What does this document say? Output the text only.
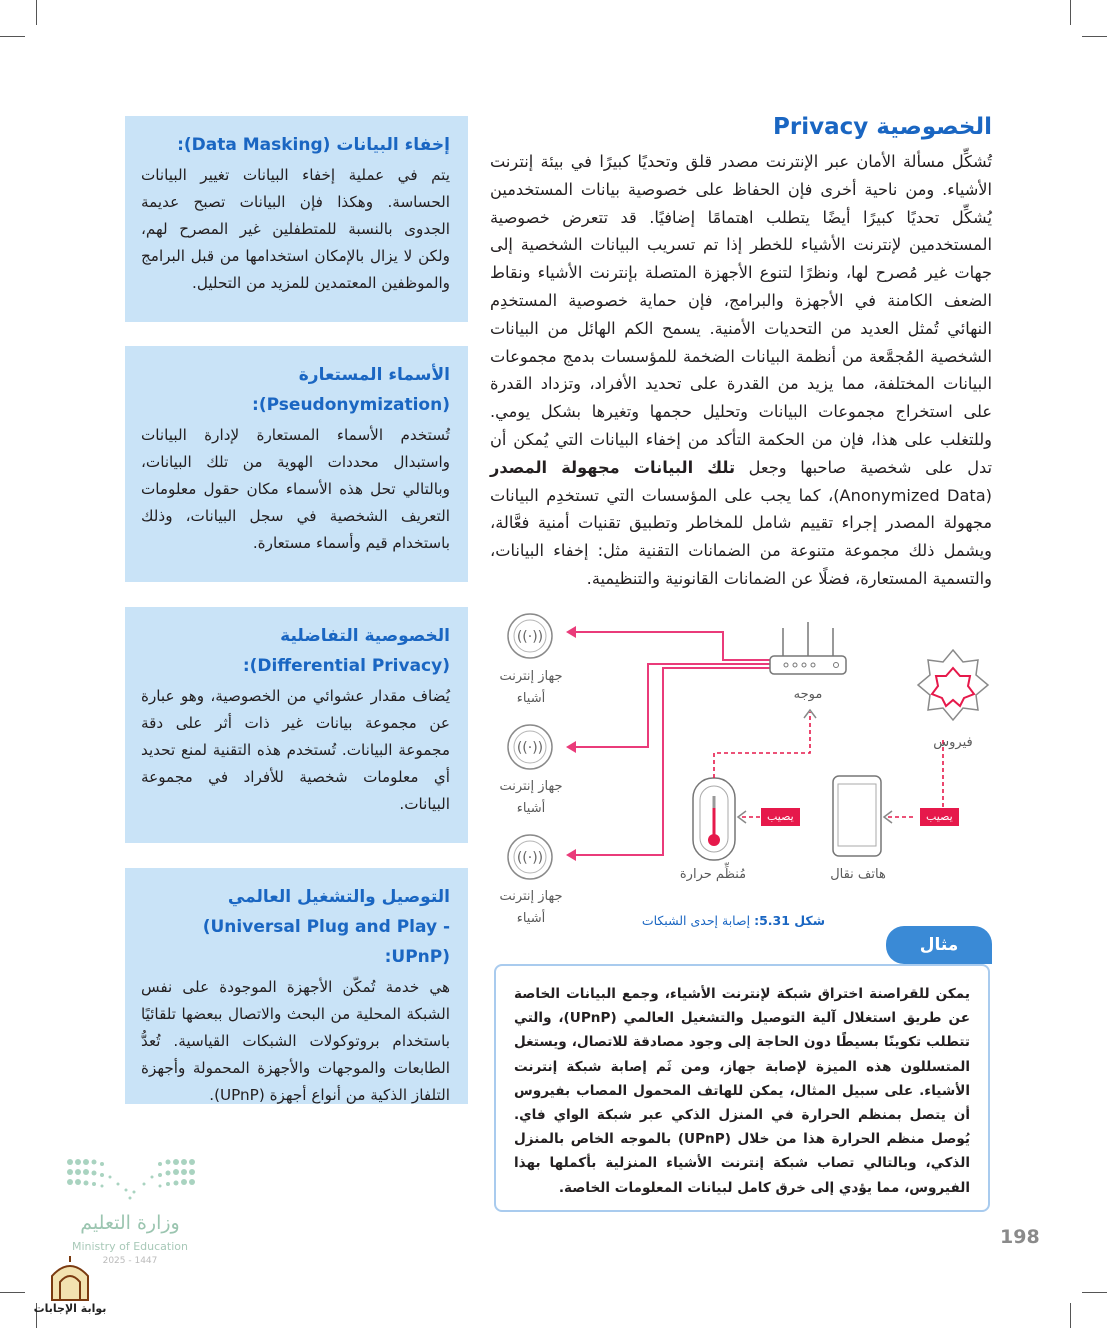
الخصوصية Privacy

تُشكِّل مسألة الأمان عبر الإنترنت مصدر قلق وتحديًا كبيرًا في بيئة إنترنت الأشياء. ومن ناحية أخرى فإن الحفاظ على خصوصية بيانات المستخدمين يُشكِّل تحديًا كبيرًا أيضًا يتطلب اهتمامًا إضافيًا. قد تتعرض خصوصية المستخدمين لإنترنت الأشياء للخطر إذا تم تسريب البيانات الشخصية إلى جهات غير مُصرح لها، ونظرًا لتنوع الأجهزة المتصلة بإنترنت الأشياء ونقاط الضعف الكامنة في الأجهزة والبرامج، فإن حماية خصوصية المستخدِم النهائي تُمثل العديد من التحديات الأمنية. يسمح الكم الهائل من البيانات الشخصية المُجمَّعة من أنظمة البيانات الضخمة للمؤسسات بدمج مجموعات البيانات المختلفة، مما يزيد من القدرة على تحديد الأفراد، وتزداد القدرة على استخراج مجموعات البيانات وتحليل حجمها وتغيرها بشكل يومي. وللتغلب على هذا، فإن من الحكمة التأكد من إخفاء البيانات التي يُمكن أن تدل على شخصية صاحبها وجعل تلك البيانات مجهولة المصدر (Anonymized Data)، كما يجب على المؤسسات التي تستخدِم البيانات مجهولة المصدر إجراء تقييم شامل للمخاطر وتطبيق تقنيات أمنية فعَّالة، ويشمل ذلك مجموعة متنوعة من الضمانات التقنية مثل: إخفاء البيانات، والتسمية المستعارة، فضلًا عن الضمانات القانونية والتنظيمية.

((·))
((·))
((·))
جهاز إنترنت أشياء
جهاز إنترنت أشياء
جهاز إنترنت أشياء
موجه
فيروس
هاتف نقال
مُنظِّم حرارة
يصيب
يصيب
شكل 5.31: إصابة إحدى الشبكات
مثال

يمكن للقراصنة اختراق شبكة لإنترنت الأشياء، وجمع البيانات الخاصة عن طريق استغلال آلية التوصيل والتشغيل العالمي (UPnP)، والتي تتطلب تكوينًا بسيطًا دون الحاجة إلى وجود مصادقة للاتصال، ويستغل المتسللون هذه الميزة لإصابة جهاز، ومن ثَم إصابة شبكة إنترنت الأشياء. على سبيل المثال، يمكن للهاتف المحمول المصاب بفيروس أن يتصل بمنظم الحرارة في المنزل الذكي عبر شبكة الواي فاي. يُوصل منظم الحرارة هذا من خلال (UPnP) بالموجه الخاص بالمنزل الذكي، وبالتالي تصاب شبكة إنترنت الأشياء المنزلية بأكملها بهذا الفيروس، مما يؤدي إلى خرق كامل لبيانات المعلومات الخاصة.

198
إخفاء البيانات (Data Masking):

يتم في عملية إخفاء البيانات تغيير البيانات الحساسة. وهكذا فإن البيانات تصبح عديمة الجدوى بالنسبة للمتطفلين غير المصرح لهم، ولكن لا يزال بالإمكان استخدامها من قبل البرامج والموظفين المعتمدين للمزيد من التحليل.

الأسماء المستعارة
(Pseudonymization):

تُستخدم الأسماء المستعارة لإدارة البيانات واستبدال محددات الهوية من تلك البيانات، وبالتالي تحل هذه الأسماء مكان حقول معلومات التعريف الشخصية في سجل البيانات، وذلك باستخدام قيم وأسماء مستعارة.

الخصوصية التفاضلية
(Differential Privacy):

يُضاف مقدار عشوائي من الخصوصية، وهو عبارة عن مجموعة بيانات غير ذات أثر على دقة مجموعة البيانات. تُستخدم هذه التقنية لمنع تحديد أي معلومات شخصية للأفراد في مجموعة البيانات.

التوصيل والتشغيل العالمي
(Universal Plug and Play - UPnP):

هي خدمة تُمكّن الأجهزة الموجودة على نفس الشبكة المحلية من البحث والاتصال ببعضها تلقائيًا باستخدام بروتوكولات الشبكات القياسية. تُعدُّ الطابعات والموجهات والأجهزة المحمولة وأجهزة التلفاز الذكية من أنواع أجهزة (UPnP).

وزارة التعليم
Ministry of Education
2025 - 1447
بوابة الإجابات
